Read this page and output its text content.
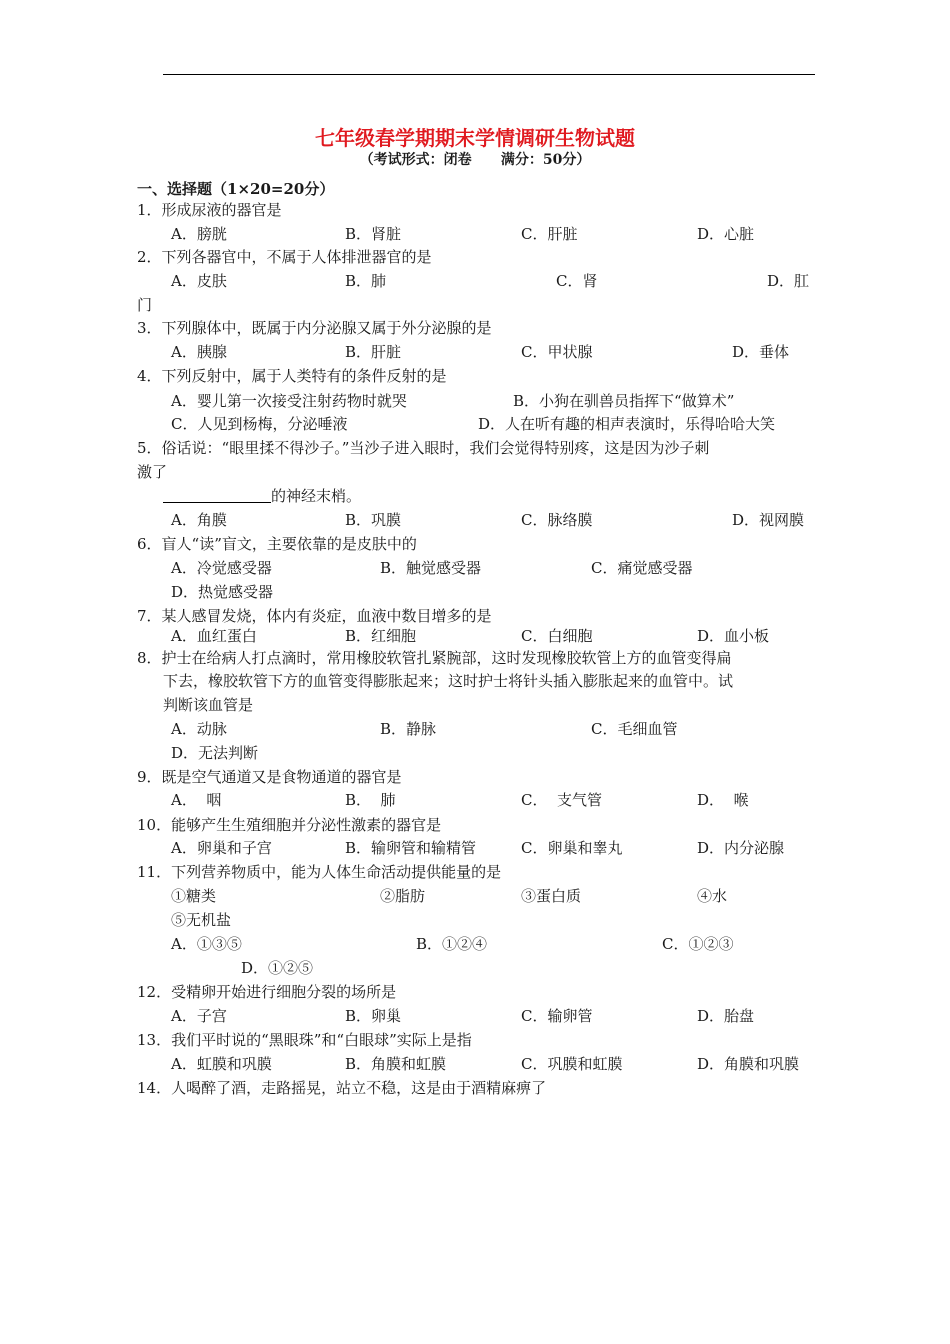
七年级春学期期末学情调研生物试题
（考试形式：闭卷      满分：50分）
一、选择题（1×20=20分）
1．形成尿液的器官是
A．膀胱	B．肾脏	C．肝脏	D．心脏
2．下列各器官中，不属于人体排泄器官的是
A．皮肤	B．肺	C．肾	D．肛
门
3．下列腺体中，既属于内分泌腺又属于外分泌腺的是
A．胰腺	B．肝脏	C．甲状腺	D．垂体
4．下列反射中，属于人类特有的条件反射的是
A．婴儿第一次接受注射药物时就哭	B．小狗在驯兽员指挥下“做算术”
C．人见到杨梅，分泌唾液	D．人在听有趣的相声表演时，乐得哈哈大笑
5．俗话说：“眼里揉不得沙子。”当沙子进入眼时，我们会觉得特别疼，这是因为沙子刺
激了
的神经末梢。
A．角膜	B．巩膜	C．脉络膜	D．视网膜
6．盲人“读”盲文，主要依靠的是皮肤中的
A．冷觉感受器	B．触觉感受器	C．痛觉感受器
D．热觉感受器
7．某人感冒发烧，体内有炎症，血液中数目增多的是
A．血红蛋白	B．红细胞	C．白细胞	D．血小板
8．护士在给病人打点滴时，常用橡胶软管扎紧腕部，这时发现橡胶软管上方的血管变得扁
下去，橡胶软管下方的血管变得膨胀起来；这时护士将针头插入膨胀起来的血管中。试
判断该血管是
A．动脉	B．静脉	C．毛细血管
D．无法判断
9．既是空气通道又是食物通道的器官是
A．  咽	B．  肺	C．  支气管	D．  喉
10．能够产生生殖细胞并分泌性激素的器官是
A．卵巢和子宫	B．输卵管和输精管	C．卵巢和睾丸	D．内分泌腺
11．下列营养物质中，能为人体生命活动提供能量的是
①糖类	②脂肪	③蛋白质	④水
⑤无机盐
A．①③⑤	B．①②④	C．①②③
D．①②⑤
12．受精卵开始进行细胞分裂的场所是
A．子宫	B．卵巢	C．输卵管	D．胎盘
13．我们平时说的“黑眼珠”和“白眼球”实际上是指
A．虹膜和巩膜	B．角膜和虹膜	C．巩膜和虹膜	D．角膜和巩膜
14．人喝醉了酒，走路摇晃，站立不稳，这是由于酒精麻痹了
